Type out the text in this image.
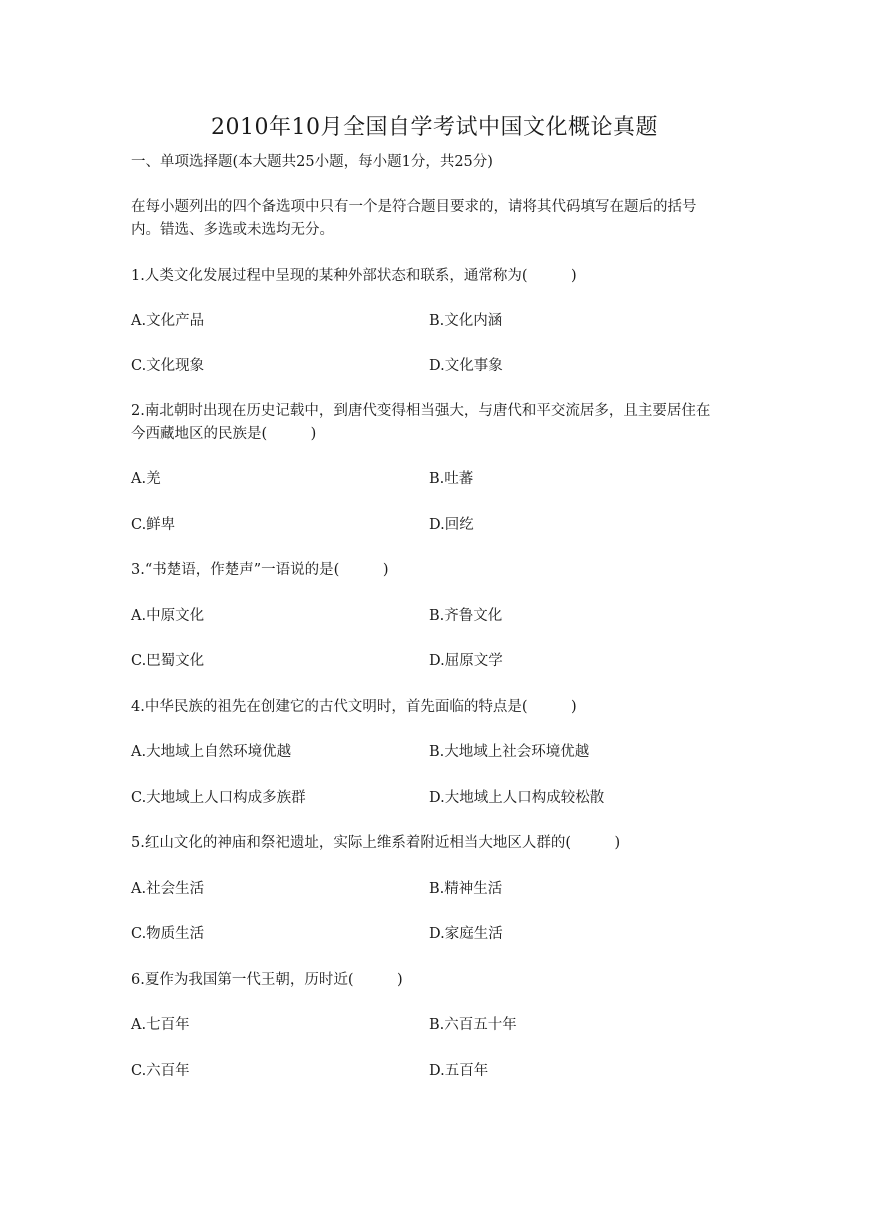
2010年10月全国自学考试中国文化概论真题
一、单项选择题(本大题共25小题，每小题1分，共25分)
在每小题列出的四个备选项中只有一个是符合题目要求的，请将其代码填写在题后的括号
内。错选、多选或未选均无分。
1.人类文化发展过程中呈现的某种外部状态和联系，通常称为(　　　)
A.文化产品	B.文化内涵
C.文化现象	D.文化事象
2.南北朝时出现在历史记载中，到唐代变得相当强大，与唐代和平交流居多，且主要居住在
今西藏地区的民族是(　　　)
A.羌	B.吐蕃
C.鲜卑	D.回纥
3.“书楚语，作楚声”一语说的是(　　　)
A.中原文化	B.齐鲁文化
C.巴蜀文化	D.屈原文学
4.中华民族的祖先在创建它的古代文明时，首先面临的特点是(　　　)
A.大地域上自然环境优越	B.大地域上社会环境优越
C.大地域上人口构成多族群	D.大地域上人口构成较松散
5.红山文化的神庙和祭祀遗址，实际上维系着附近相当大地区人群的(　　　)
A.社会生活	B.精神生活
C.物质生活	D.家庭生活
6.夏作为我国第一代王朝，历时近(　　　)
A.七百年	B.六百五十年
C.六百年	D.五百年
